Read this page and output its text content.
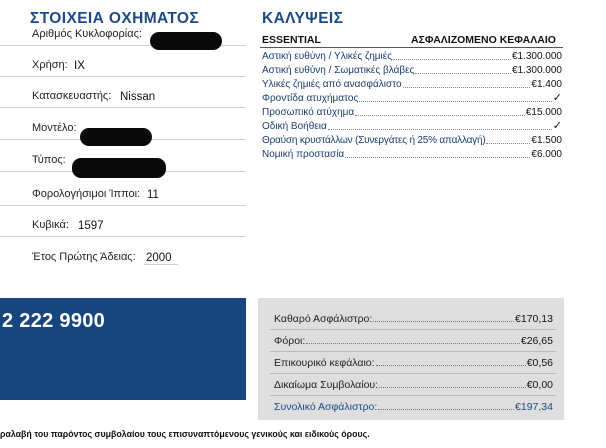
ΣΤΟΙΧΕΙΑ ΟΧΗΜΑΤΟΣ
Αριθμός Κυκλοφορίας:
Χρήση: ΙΧ
Κατασκευαστής: Nissan
Μοντέλο:
Τύπος:
Φορολογήσιμοι Ίπποι: 11
Κυβικά: 1597
Έτος Πρώτης Άδειας: 2000
ΚΑΛΥΨΕΙΣ
ESSENTIAL	ΑΣΦΑΛΙΖΟΜΕΝΟ ΚΕΦΑΛΑΙΟ
Αστική ευθύνη / Υλικές ζημιές	€1.300.000
Αστική ευθύνη / Σωματικές βλάβες	€1.300.000
Υλικές ζημιές από ανασφάλιστο	€1.400
Φροντίδα ατυχήματος	✓
Προσωπικό ατύχημα	€15.000
Οδική Βοήθεια	✓
Θραύση κρυστάλλων (Συνεργάτες ή 25% απαλλαγή)	€1.500
Νομική προστασία	€6.000
2 222 9900	Καθαρό Ασφάλιστρο:	€170,13
Φόροι:	€26,65
Επικουρικό κεφάλαιο:	€0,56
Δικαίωμα Συμβολαίου:	€0,00
Συνολικό Ασφάλιστρο:	€197,34
ραλαβή του παρόντος συμβολαίου τους επισυναπτόμενους γενικούς και ειδικούς όρους.
